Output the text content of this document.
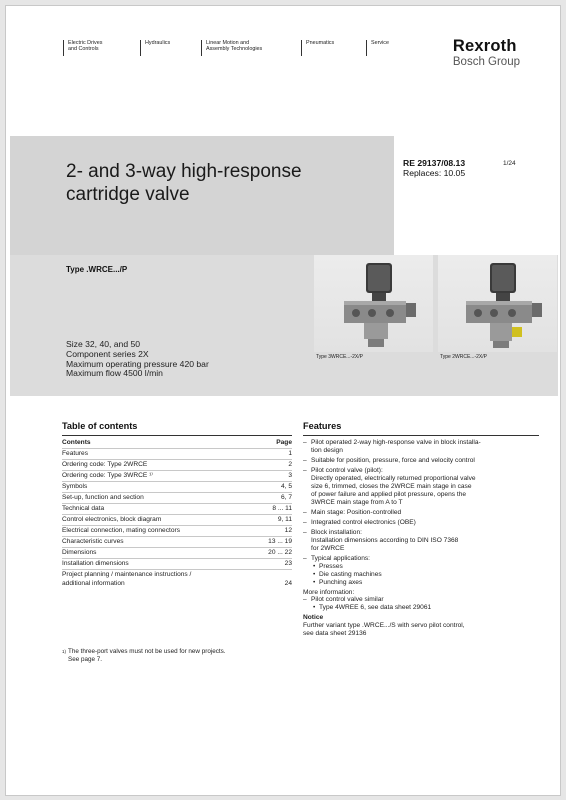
Electric Drives
and Controls
Hydraulics	Linear Motion and
Assembly Technologies
Pneumatics	Service	Rexroth
Bosch Group
2- and 3-way high-response
cartridge valve
RE 29137/08.13
Replaces: 10.05
1/24
Type .WRCE.../P
Size 32, 40, and 50
Component series 2X
Maximum operating pressure 420 bar
Maximum flow 4500 l/min
Type 3WRCE...-2X/P	Type 2WRCE...-2X/P
Table of contents
Contents	Page
Features	1
Ordering code: Type 2WRCE	2
Ordering code: Type 3WRCE ¹⁾	3
Symbols	4, 5
Set-up, function and section	6, 7
Technical data	8 ... 11
Control electronics, block diagram	9, 11
Electrical connection, mating connectors	12
Characteristic curves	13 ... 19
Dimensions	20 ... 22
Installation dimensions	23
Project planning / maintenance instructions /
additional information	24
1) The three-port valves must not be used for new projects.
See page 7.
Features
– Pilot operated 2-way high-response valve in block installa-
tion design
– Suitable for position, pressure, force and velocity control
– Pilot control valve (pilot):
Directly operated, electrically returned proportional valve
size 6, trimmed, closes the 2WRCE main stage in case
of power failure and applied pilot pressure, opens the
3WRCE main stage from A to T
– Main stage: Position-controlled
– Integrated control electronics (OBE)
– Block installation:
Installation dimensions according to DIN ISO 7368
for 2WRCE
– Typical applications:
• Presses
• Die casting machines
• Punching axes
More information:
– Pilot control valve similar
• Type 4WREE 6, see data sheet 29061
Notice
Further variant type .WRCE.../S with servo pilot control,
see data sheet 29136
